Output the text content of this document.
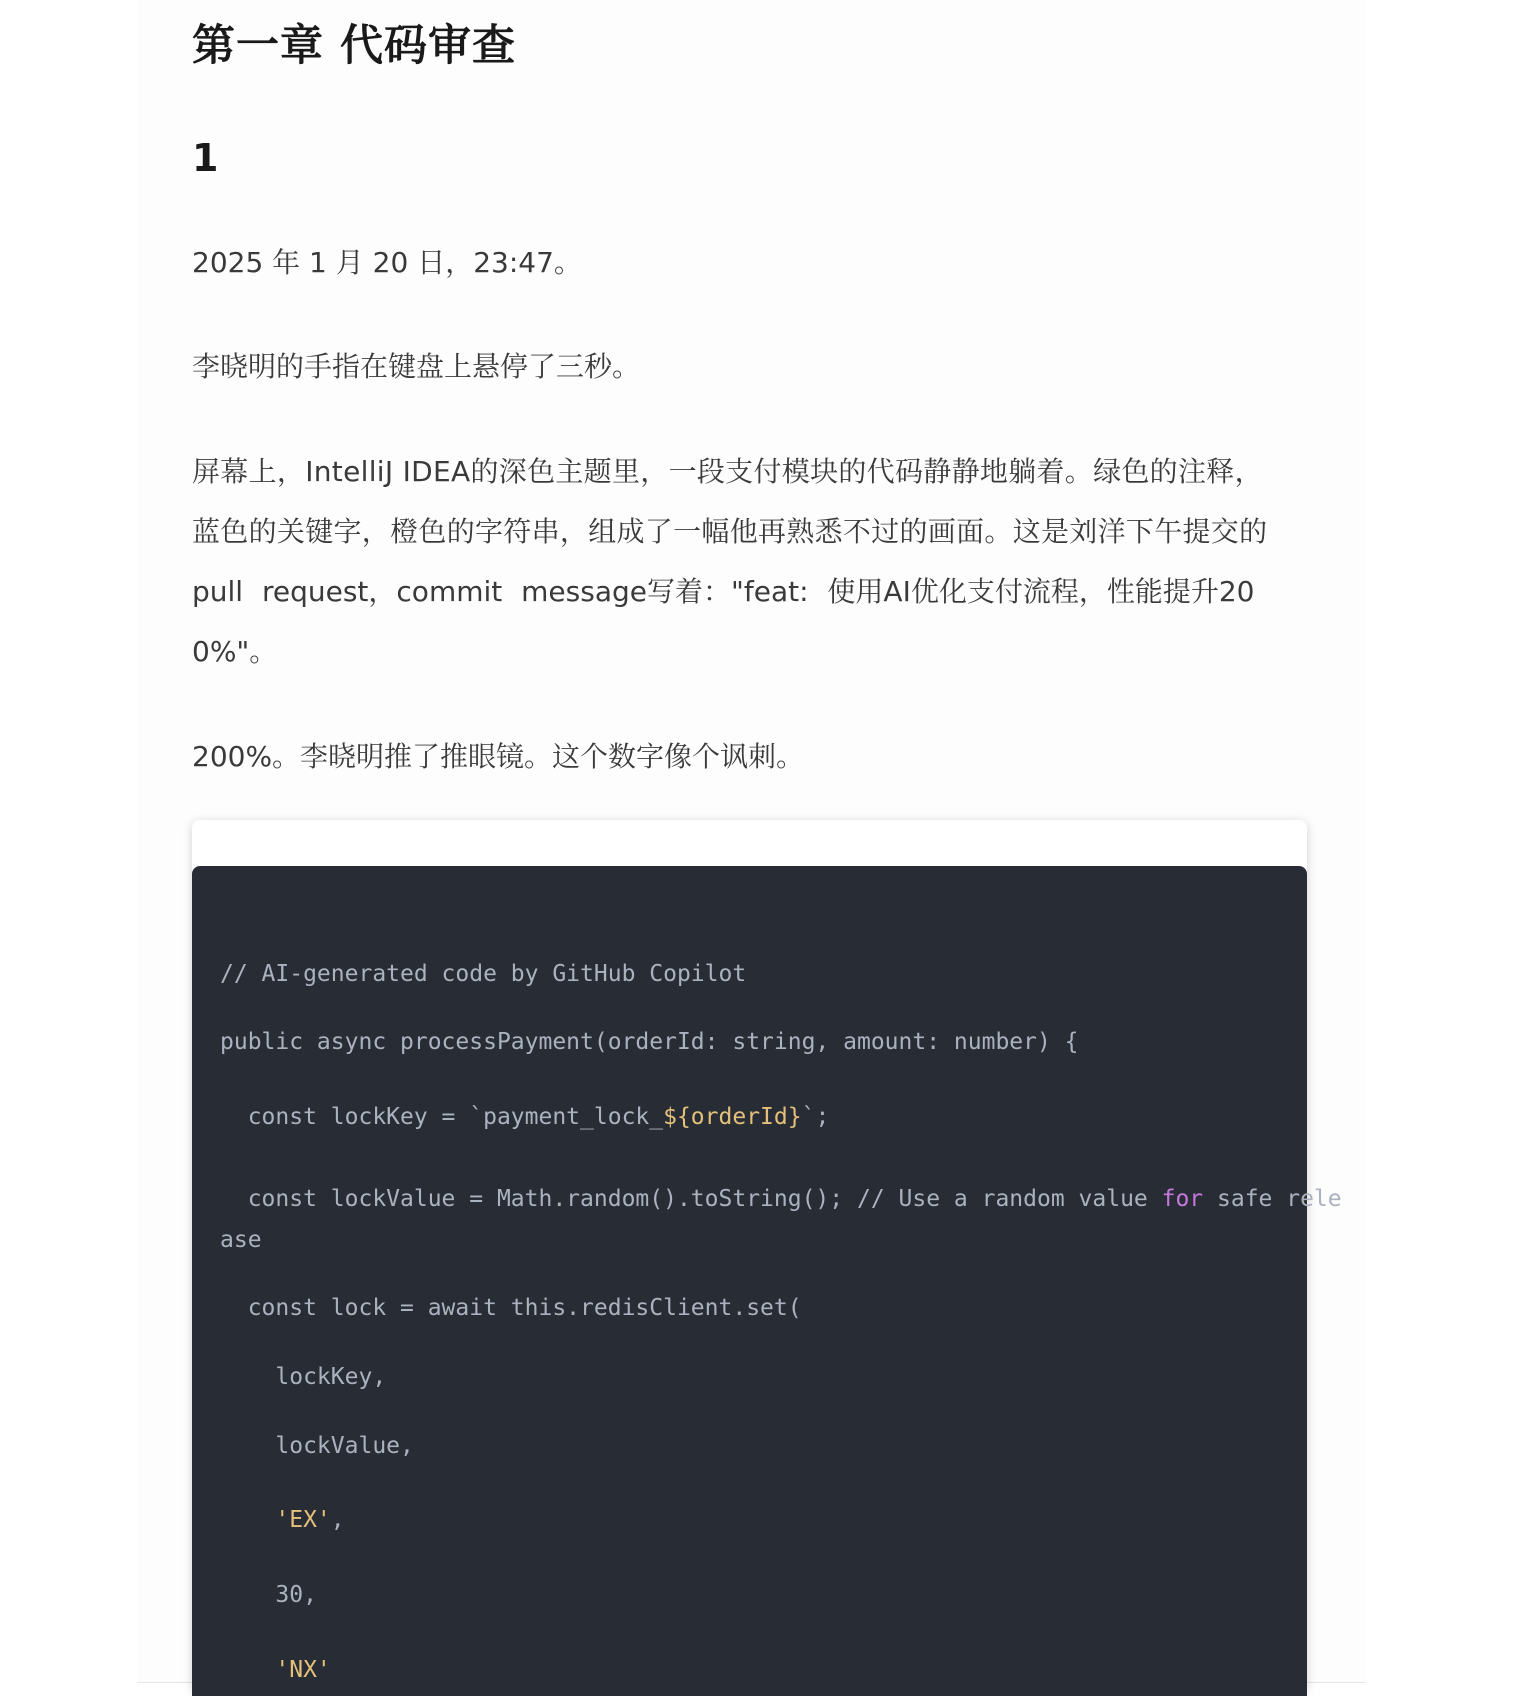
第一章 代码审查
1

2025 年 1 月 20 日，23:47。

李晓明的手指在键盘上悬停了三秒。

屏幕上，IntelliJ IDEA的深色主题里，一段支付模块的代码静静地躺着。绿色的注释，
蓝色的关键字，橙色的字符串，组成了一幅他再熟悉不过的画面。这是刘洋下午提交的
pull request，commit message写着："feat: 使用AI优化支付流程，性能提升20
0%"。

200%。李晓明推了推眼镜。这个数字像个讽刺。

// AI-generated code by GitHub Copilot
public async processPayment(orderId: string, amount: number) {
const lockKey = `payment_lock_${orderId}`;
const lockValue = Math.random().toString(); // Use a random value for safe rele
ase
const lock = await this.redisClient.set(
lockKey,
lockValue,
'EX',
30,
'NX'
